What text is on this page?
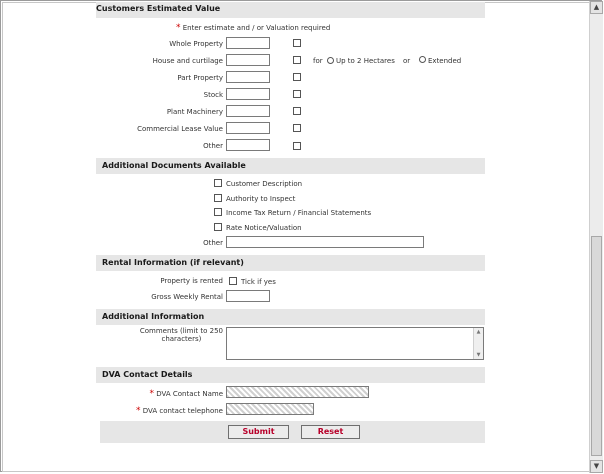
▲
▼
Customers Estimated Value
* Enter estimate and / or Valuation required
Whole Property
House and curtilage	for Up to 2 Hectares or	Extended
Part Property
Stock
Plant Machinery
Commercial Lease Value
Other
Additional Documents Available
Customer Description
Authority to Inspect
Income Tax Return / Financial Statements
Rate Notice/Valuation
Other
Rental Information (if relevant)
Property is rented	Tick if yes
Gross Weekly Rental
Additional Information
Comments (limit to 250
characters)
▲
▼
DVA Contact Details
* DVA Contact Name
* DVA contact telephone
Submit	Reset
